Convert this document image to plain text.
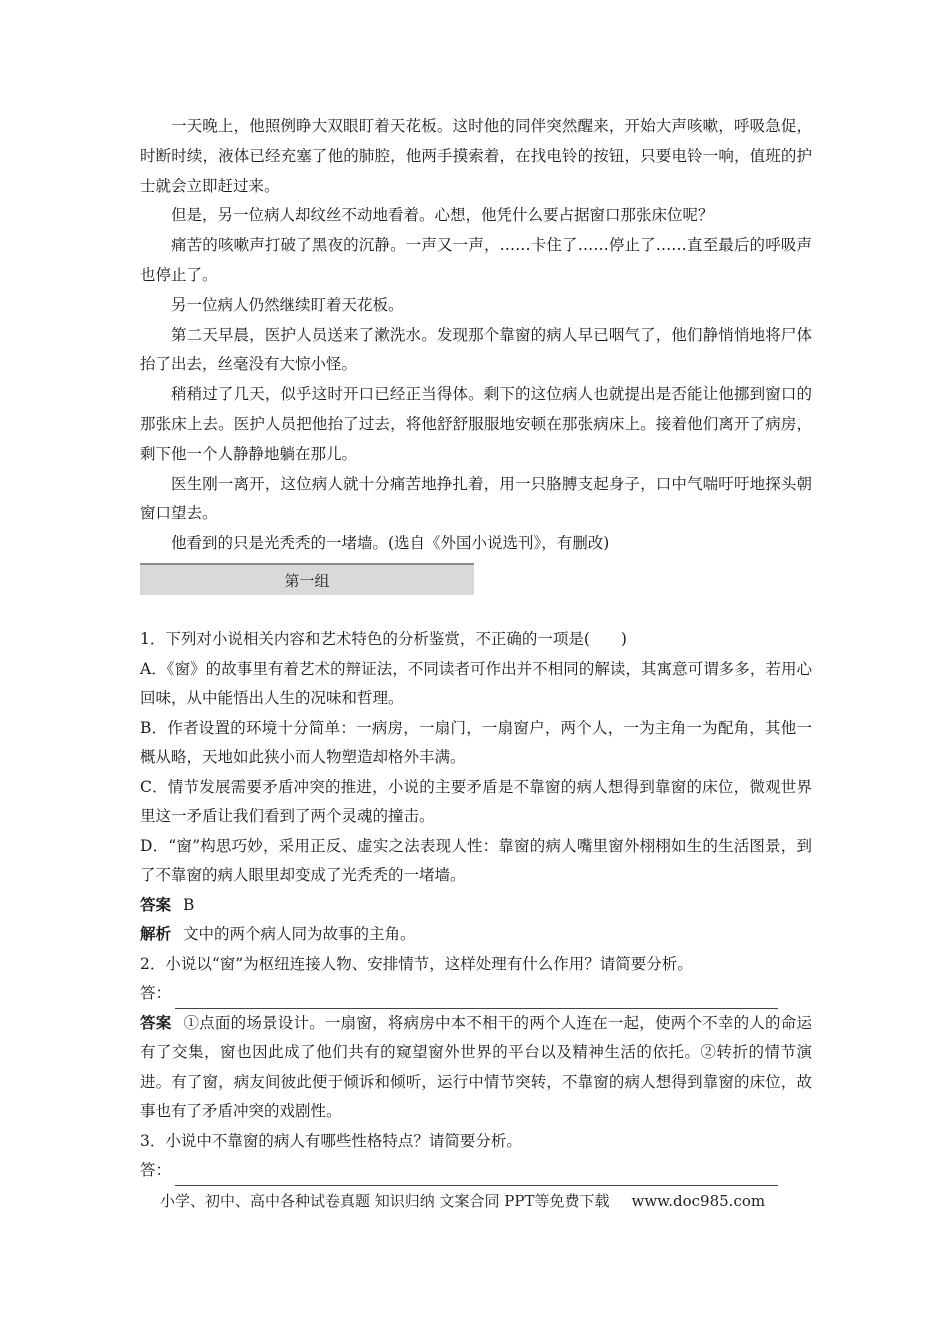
一天晚上，他照例睁大双眼盯着天花板。这时他的同伴突然醒来，开始大声咳嗽，呼吸急促，时断时续，液体已经充塞了他的肺腔，他两手摸索着，在找电铃的按钮，只要电铃一响，值班的护士就会立即赶过来。

但是，另一位病人却纹丝不动地看着。心想，他凭什么要占据窗口那张床位呢？

痛苦的咳嗽声打破了黑夜的沉静。一声又一声，……卡住了……停止了……直至最后的呼吸声也停止了。

另一位病人仍然继续盯着天花板。

第二天早晨，医护人员送来了漱洗水。发现那个靠窗的病人早已咽气了，他们静悄悄地将尸体抬了出去，丝毫没有大惊小怪。

稍稍过了几天，似乎这时开口已经正当得体。剩下的这位病人也就提出是否能让他挪到窗口的那张床上去。医护人员把他抬了过去，将他舒舒服服地安顿在那张病床上。接着他们离开了病房，剩下他一个人静静地躺在那儿。

医生刚一离开，这位病人就十分痛苦地挣扎着，用一只胳膊支起身子，口中气喘吁吁地探头朝窗口望去。

他看到的只是光秃秃的一堵墙。(选自《外国小说选刊》，有删改)

第一组

1．下列对小说相关内容和艺术特色的分析鉴赏，不正确的一项是(　　)

A．《窗》的故事里有着艺术的辩证法，不同读者可作出并不相同的解读，其寓意可谓多多，若用心回味，从中能悟出人生的况味和哲理。

B．作者设置的环境十分简单：一病房，一扇门，一扇窗户，两个人，一为主角一为配角，其他一概从略，天地如此狭小而人物塑造却格外丰满。

C．情节发展需要矛盾冲突的推进，小说的主要矛盾是不靠窗的病人想得到靠窗的床位，微观世界里这一矛盾让我们看到了两个灵魂的撞击。

D．“窗”构思巧妙，采用正反、虚实之法表现人性：靠窗的病人嘴里窗外栩栩如生的生活图景，到了不靠窗的病人眼里却变成了光秃秃的一堵墙。

答案 B

解析 文中的两个病人同为故事的主角。

2．小说以“窗”为枢纽连接人物、安排情节，这样处理有什么作用？请简要分析。

答：

答案 ①点面的场景设计。一扇窗，将病房中本不相干的两个人连在一起，使两个不幸的人的命运有了交集，窗也因此成了他们共有的窥望窗外世界的平台以及精神生活的依托。②转折的情节演进。有了窗，病友间彼此便于倾诉和倾听，运行中情节突转，不靠窗的病人想得到靠窗的床位，故事也有了矛盾冲突的戏剧性。

3．小说中不靠窗的病人有哪些性格特点？请简要分析。

答：

小学、初中、高中各种试卷真题 知识归纳 文案合同 PPT等免费下载 www.doc985.com
